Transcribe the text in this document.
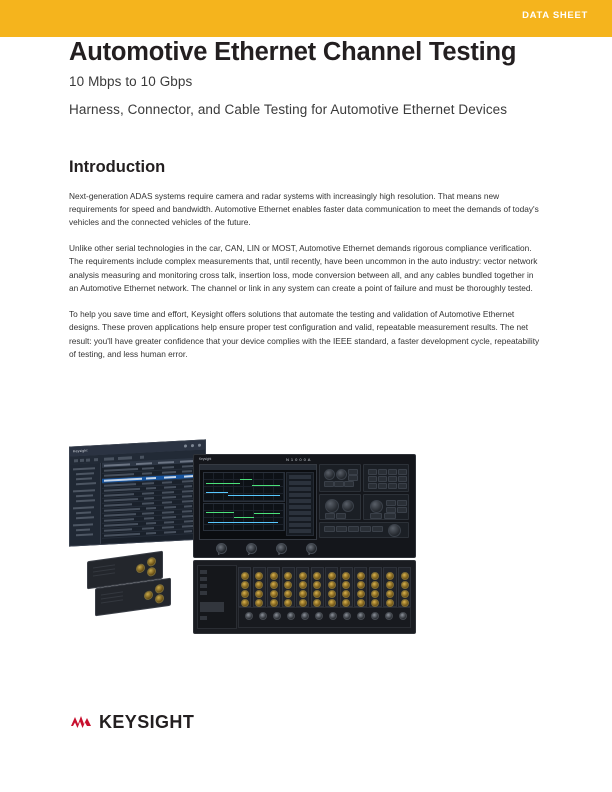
DATA SHEET
Automotive Ethernet Channel Testing
10 Mbps to 10 Gbps
Harness, Connector, and Cable Testing for Automotive Ethernet Devices
Introduction

Next-generation ADAS systems require camera and radar systems with increasingly high resolution. That means new requirements for speed and bandwidth. Automotive Ethernet enables faster data communication to meet the demands of today's vehicles and the connected vehicles of the future.

Unlike other serial technologies in the car, CAN, LIN or MOST, Automotive Ethernet demands rigorous compliance verification. The requirements include complex measurements that, until recently, have been uncommon in the auto industry: vector network analysis measuring and monitoring cross talk, insertion loss, mode conversion between all, and any cables bundled together in an Automotive Ethernet network. The channel or link in any system can create a point of failure and must be thoroughly tested.

To help you save time and effort, Keysight offers solutions that automate the testing and validation of Automotive Ethernet designs. These proven applications help ensure proper test configuration and valid, repeatable measurement results. The net result: you'll have greater confidence that your device complies with the IEEE standard, a faster development cycle, repeatability of testing, and less human error.

Keysight
Keysight	N1000A
1	2	3	4
KEYSIGHT
